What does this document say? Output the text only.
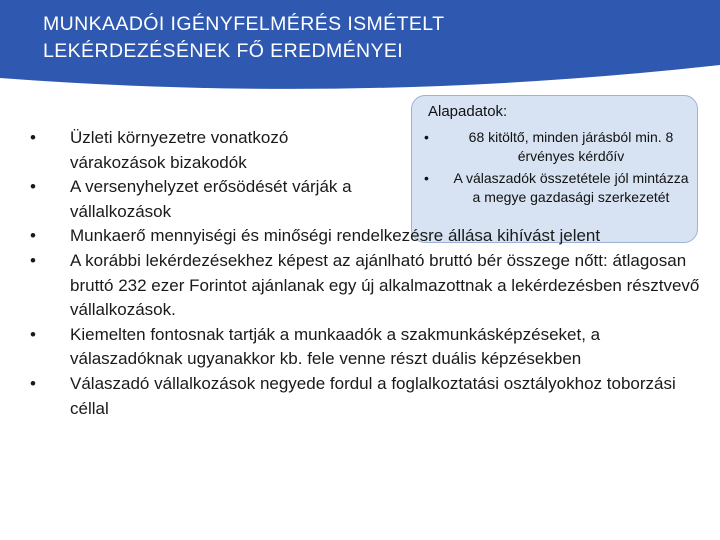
MUNKAADÓI IGÉNYFELMÉRÉS ISMÉTELT
LEKÉRDEZÉSÉNEK FŐ EREDMÉNYEI
Alapadatok:
•	68 kitöltő, minden járásból min. 8 érvényes kérdőív
• A válaszadók összetétele jól mintázza a megye gazdasági szerkezetét
• Üzleti környezetre vonatkozó várakozások bizakodók
• A versenyhelyzet erősödését várják a vállalkozások
• Munkaerő mennyiségi és minőségi rendelkezésre állása kihívást jelent
• A korábbi lekérdezésekhez képest az ajánlható bruttó bér összege nőtt: átlagosan bruttó 232 ezer Forintot ajánlanak egy új alkalmazottnak a lekérdezésben résztvevő vállalkozások.
• Kiemelten fontosnak tartják a munkaadók a szakmunkásképzéseket, a válaszadóknak ugyanakkor kb. fele venne részt duális képzésekben
• Válaszadó vállalkozások negyede fordul a foglalkoztatási osztályokhoz toborzási céllal
